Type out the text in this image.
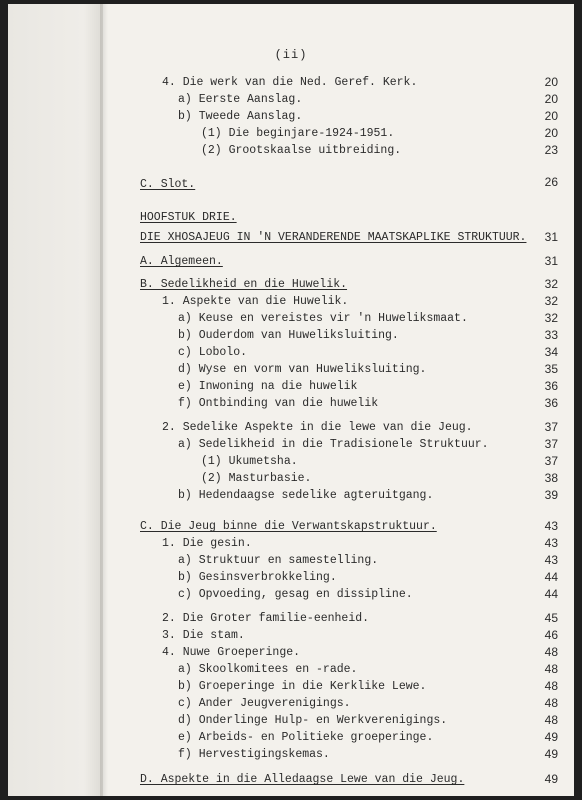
(ii)
4. Die werk van die Ned. Geref. Kerk.	20
a) Eerste Aanslag.	20
b) Tweede Aanslag.	20
(1) Die beginjare-1924-1951.	20
(2) Grootskaalse uitbreiding.	23
C. Slot.	26
HOOFSTUK DRIE.
DIE XHOSAJEUG IN 'N VERANDERENDE MAATSKAPLIKE STRUKTUUR.	31
A. Algemeen.	31
B. Sedelikheid en die Huwelik.	32
1. Aspekte van die Huwelik.	32
a) Keuse en vereistes vir 'n Huweliksmaat.	32
b) Ouderdom van Huweliksluiting.	33
c) Lobolo.	34
d) Wyse en vorm van Huweliksluiting.	35
e) Inwoning na die huwelik	36
f) Ontbinding van die huwelik	36
2. Sedelike Aspekte in die lewe van die Jeug.	37
a) Sedelikheid in die Tradisionele Struktuur.	37
(1) Ukumetsha.	37
(2) Masturbasie.	38
b) Hedendaagse sedelike agteruitgang.	39
C. Die Jeug binne die Verwantskapstruktuur.	43
1. Die gesin.	43
a) Struktuur en samestelling.	43
b) Gesinsverbrokkeling.	44
c) Opvoeding, gesag en dissipline.	44
2. Die Groter familie-eenheid.	45
3. Die stam.	46
4. Nuwe Groeperinge.	48
a) Skoolkomitees en -rade.	48
b) Groeperinge in die Kerklike Lewe.	48
c) Ander Jeugverenigings.	48
d) Onderlinge Hulp- en Werkverenigings.	48
e) Arbeids- en Politieke groeperinge.	49
f) Hervestigingskemas.	49
D. Aspekte in die Alledaagse Lewe van die Jeug.	49
